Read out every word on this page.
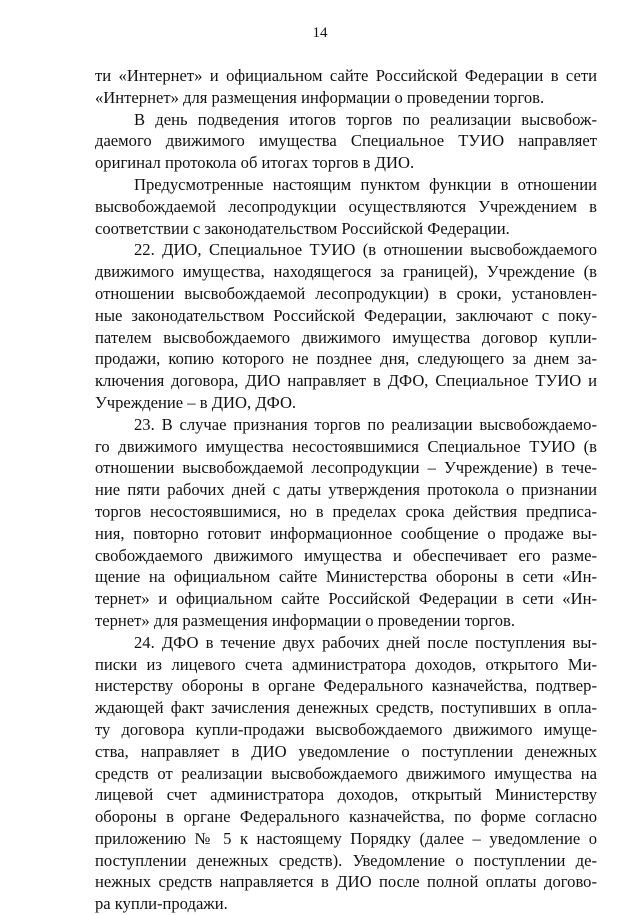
14
ти «Интернет» и официальном сайте Российской Федерации в сети
«Интернет» для размещения информации о проведении торгов.
В день подведения итогов торгов по реализации высвобож-
даемого движимого имущества Специальное ТУИО направляет
оригинал протокола об итогах торгов в ДИО.
Предусмотренные настоящим пунктом функции в отношении
высвобождаемой лесопродукции осуществляются Учреждением в
соответствии с законодательством Российской Федерации.
22. ДИО, Специальное ТУИО (в отношении высвобождаемого
движимого имущества, находящегося за границей), Учреждение (в
отношении высвобождаемой лесопродукции) в сроки, установлен-
ные законодательством Российской Федерации, заключают с поку-
пателем высвобождаемого движимого имущества договор купли-
продажи, копию которого не позднее дня, следующего за днем за-
ключения договора, ДИО направляет в ДФО, Специальное ТУИО и
Учреждение – в ДИО, ДФО.
23. В случае признания торгов по реализации высвобождаемо-
го движимого имущества несостоявшимися Специальное ТУИО (в
отношении высвобождаемой лесопродукции – Учреждение) в тече-
ние пяти рабочих дней с даты утверждения протокола о признании
торгов несостоявшимися, но в пределах срока действия предписа-
ния, повторно готовит информационное сообщение о продаже вы-
свобождаемого движимого имущества и обеспечивает его разме-
щение на официальном сайте Министерства обороны в сети «Ин-
тернет» и официальном сайте Российской Федерации в сети «Ин-
тернет» для размещения информации о проведении торгов.
24. ДФО в течение двух рабочих дней после поступления вы-
писки из лицевого счета администратора доходов, открытого Ми-
нистерству обороны в органе Федерального казначейства, подтвер-
ждающей факт зачисления денежных средств, поступивших в опла-
ту договора купли-продажи высвобождаемого движимого имуще-
ства, направляет в ДИО уведомление о поступлении денежных
средств от реализации высвобождаемого движимого имущества на
лицевой счет администратора доходов, открытый Министерству
обороны в органе Федерального казначейства, по форме согласно
приложению № 5 к настоящему Порядку (далее – уведомление о
поступлении денежных средств). Уведомление о поступлении де-
нежных средств направляется в ДИО после полной оплаты догово-
ра купли-продажи.
